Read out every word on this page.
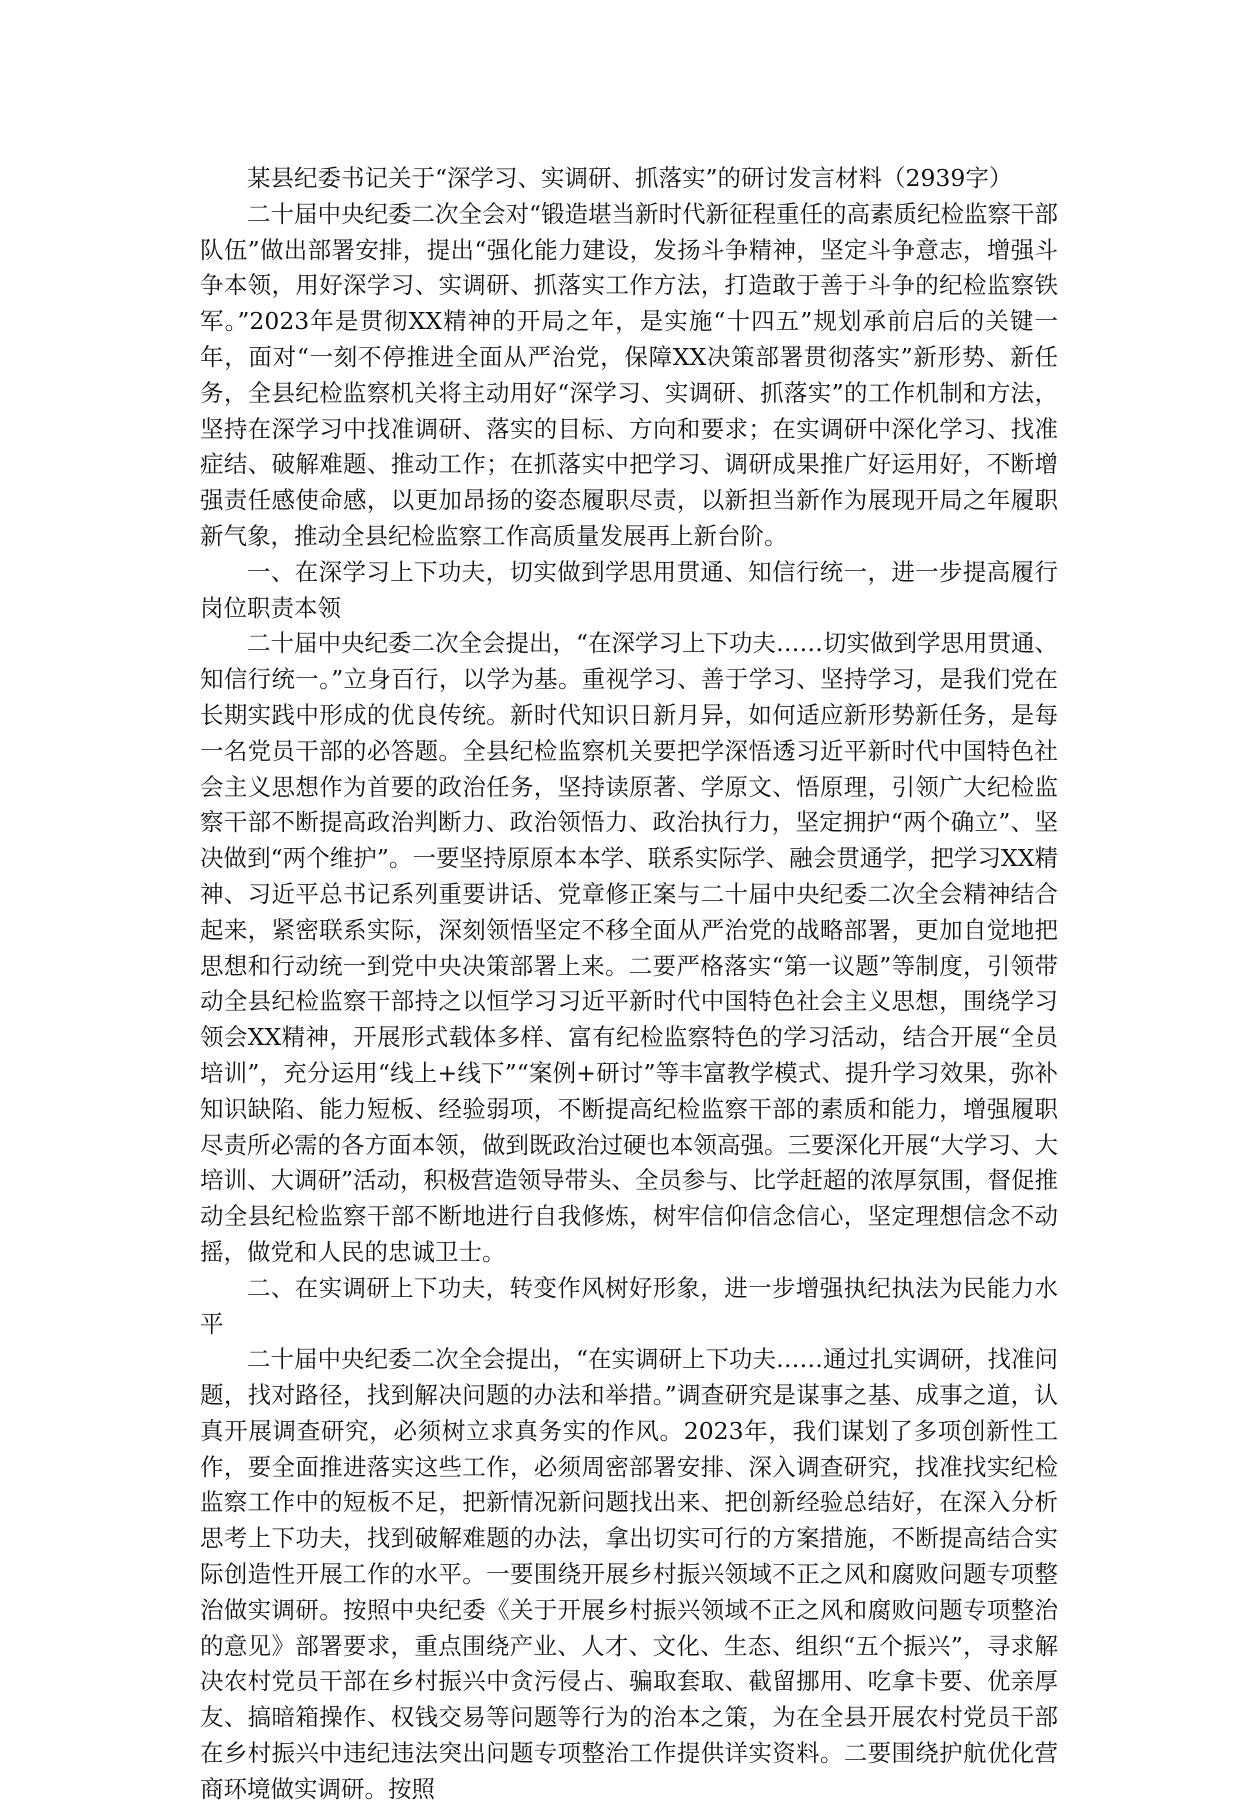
某县纪委书记关于“深学习、实调研、抓落实”的研讨发言材料（2939字）

二十届中央纪委二次全会对“锻造堪当新时代新征程重任的高素质纪检监察干部队伍”做出部署安排，提出“强化能力建设，发扬斗争精神，坚定斗争意志，增强斗争本领，用好深学习、实调研、抓落实工作方法，打造敢于善于斗争的纪检监察铁军。”2023年是贯彻XX精神的开局之年，是实施“十四五”规划承前启后的关键一年，面对“一刻不停推进全面从严治党，保障XX决策部署贯彻落实”新形势、新任务，全县纪检监察机关将主动用好“深学习、实调研、抓落实”的工作机制和方法，坚持在深学习中找准调研、落实的目标、方向和要求；在实调研中深化学习、找准症结、破解难题、推动工作；在抓落实中把学习、调研成果推广好运用好，不断增强责任感使命感，以更加昂扬的姿态履职尽责，以新担当新作为展现开局之年履职新气象，推动全县纪检监察工作高质量发展再上新台阶。

一、在深学习上下功夫，切实做到学思用贯通、知信行统一，进一步提高履行岗位职责本领

二十届中央纪委二次全会提出，“在深学习上下功夫……切实做到学思用贯通、知信行统一。”立身百行，以学为基。重视学习、善于学习、坚持学习，是我们党在长期实践中形成的优良传统。新时代知识日新月异，如何适应新形势新任务，是每一名党员干部的必答题。全县纪检监察机关要把学深悟透习近平新时代中国特色社会主义思想作为首要的政治任务，坚持读原著、学原文、悟原理，引领广大纪检监察干部不断提高政治判断力、政治领悟力、政治执行力，坚定拥护“两个确立”、坚决做到“两个维护”。一要坚持原原本本学、联系实际学、融会贯通学，把学习XX精神、习近平总书记系列重要讲话、党章修正案与二十届中央纪委二次全会精神结合起来，紧密联系实际，深刻领悟坚定不移全面从严治党的战略部署，更加自觉地把思想和行动统一到党中央决策部署上来。二要严格落实“第一议题”等制度，引领带动全县纪检监察干部持之以恒学习习近平新时代中国特色社会主义思想，围绕学习领会XX精神，开展形式载体多样、富有纪检监察特色的学习活动，结合开展“全员培训”，充分运用“线上+线下”“案例+研讨”等丰富教学模式、提升学习效果，弥补知识缺陷、能力短板、经验弱项，不断提高纪检监察干部的素质和能力，增强履职尽责所必需的各方面本领，做到既政治过硬也本领高强。三要深化开展“大学习、大培训、大调研”活动，积极营造领导带头、全员参与、比学赶超的浓厚氛围，督促推动全县纪检监察干部不断地进行自我修炼，树牢信仰信念信心，坚定理想信念不动摇，做党和人民的忠诚卫士。

二、在实调研上下功夫，转变作风树好形象，进一步增强执纪执法为民能力水平

二十届中央纪委二次全会提出，“在实调研上下功夫……通过扎实调研，找准问题，找对路径，找到解决问题的办法和举措。”调查研究是谋事之基、成事之道，认真开展调查研究，必须树立求真务实的作风。2023年，我们谋划了多项创新性工作，要全面推进落实这些工作，必须周密部署安排、深入调查研究，找准找实纪检监察工作中的短板不足，把新情况新问题找出来、把创新经验总结好，在深入分析思考上下功夫，找到破解难题的办法，拿出切实可行的方案措施，不断提高结合实际创造性开展工作的水平。一要围绕开展乡村振兴领域不正之风和腐败问题专项整治做实调研。按照中央纪委《关于开展乡村振兴领域不正之风和腐败问题专项整治的意见》部署要求，重点围绕产业、人才、文化、生态、组织“五个振兴”，寻求解决农村党员干部在乡村振兴中贪污侵占、骗取套取、截留挪用、吃拿卡要、优亲厚友、搞暗箱操作、权钱交易等问题等行为的治本之策，为在全县开展农村党员干部在乡村振兴中违纪违法突出问题专项整治工作提供详实资料。二要围绕护航优化营商环境做实调研。按照
